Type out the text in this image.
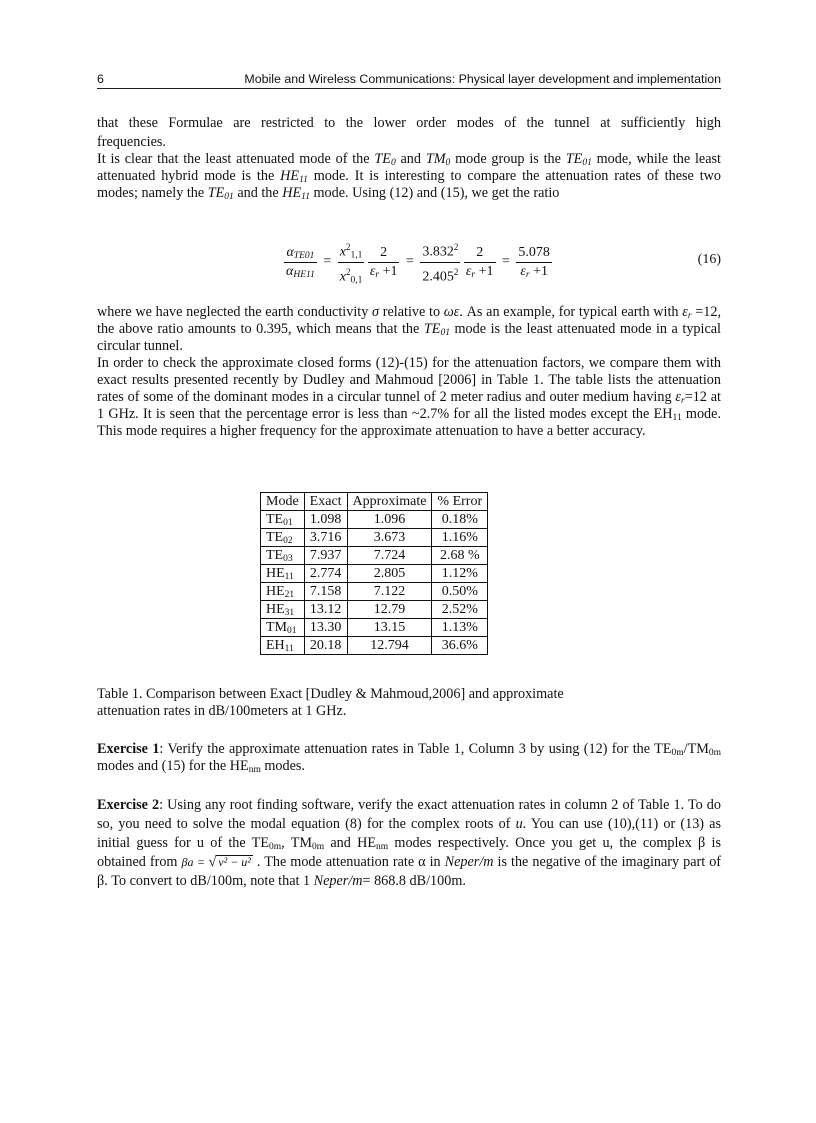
6	Mobile and Wireless Communications: Physical layer development and implementation

that these Formulae are restricted to the lower order modes of the tunnel at sufficiently high

frequencies.

It is clear that the least attenuated mode of the $TE_0$ and $TM_0$ mode group is the $TE_{01}$ mode, while the least attenuated hybrid mode is the $HE_{11}$ mode. It is interesting to compare the attenuation rates of these two modes; namely the $TE_{01}$ and the $HE_{11}$ mode. Using (12) and (15), we get the ratio

$\frac{\alpha_{TE01}}{\alpha_{HE11}} = \frac{x^2_{1,1}}{x^2_{0,1}}$
$\frac{2}{\varepsilon_r +1} = \frac{3.832^2}{2.405^2}$
$\frac{2}{\varepsilon_r +1} = \frac{5.078}{\varepsilon_r +1}$	(16)

where we have neglected the earth conductivity σ relative to ωε. As an example, for typical earth with $\varepsilon_r =12$, the above ratio amounts to 0.395, which means that the $TE_{01}$ mode is the least attenuated mode in a typical circular tunnel.

In order to check the approximate closed forms (12)-(15) for the attenuation factors, we compare them with exact results presented recently by Dudley and Mahmoud [2006] in Table 1. The table lists the attenuation rates of some of the dominant modes in a circular tunnel of 2 meter radius and outer medium having $\varepsilon_r=12$ at 1 GHz. It is seen that the percentage error is less than ~2.7% for all the listed modes except the $EH_{11}$ mode. This mode requires a higher frequency for the approximate attenuation to have a better accuracy.

Mode	Exact	Approximate	% Error
$TE_{01}$	1.098	1.096	0.18%
$TE_{02}$	3.716	3.673	1.16%
$TE_{03}$	7.937	7.724	2.68 %
$HE_{11}$	2.774	2.805	1.12%
$HE_{21}$	7.158	7.122	0.50%
$HE_{31}$	13.12	12.79	2.52%
$TM_{01}$	13.30	13.15	1.13%
$EH_{11}$	20.18	12.794	36.6%
Table 1. Comparison between Exact [Dudley & Mahmoud,2006] and approximate
attenuation rates in dB/100meters at 1 GHz.

Exercise 1: Verify the approximate attenuation rates in Table 1, Column 3 by using (12) for the $TE_{0m}/TM_{0m}$ modes and (15) for the $HE_{nm}$ modes.

Exercise 2: Using any root finding software, verify the exact attenuation rates in column 2 of Table 1. To do so, you need to solve the modal equation (8) for the complex roots of u. You can use (10),(11) or (13) as initial guess for u of the $TE_{0m}$, $TM_{0m}$ and $HE_{nm}$ modes respectively. Once you get u, the complex β is obtained from βa = √ v² − u² . The mode attenuation rate α in Neper/m is the negative of the imaginary part of β. To convert to dB/100m, note that 1 Neper/m= 868.8 dB/100m.
